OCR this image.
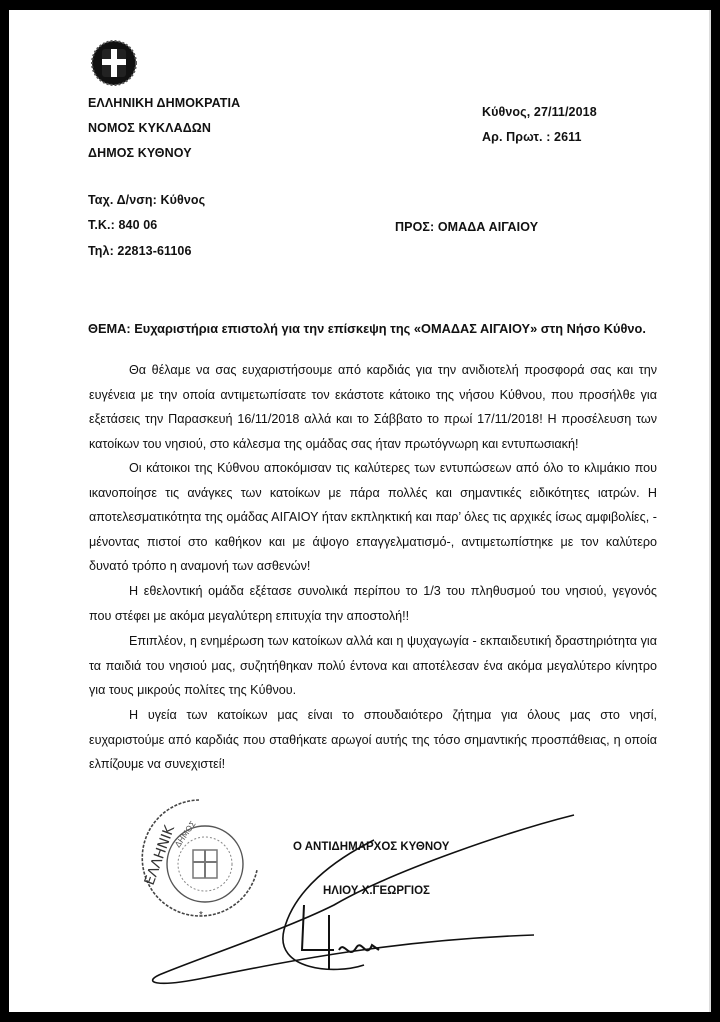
ΕΛΛΗΝΙΚΗ ΔΗΜΟΚΡΑΤΙΑ
ΝΟΜΟΣ ΚΥΚΛΑΔΩΝ
ΔΗΜΟΣ ΚΥΘΝΟΥ
Ταχ. Δ/νση: Κύθνος
Τ.Κ.: 840 06
Τηλ: 22813-61106
Κύθνος, 27/11/2018
Αρ. Πρωτ. : 2611
ΠΡΟΣ: ΟΜΑΔΑ ΑΙΓΑΙΟΥ
ΘΕΜΑ: Ευχαριστήρια επιστολή για την επίσκεψη της «ΟΜΑΔΑΣ ΑΙΓΑΙΟΥ» στη Νήσο Κύθνο.
Θα θέλαμε να σας ευχαριστήσουμε από καρδιάς για την ανιδιοτελή προσφορά σας και την
ευγένεια με την οποία αντιμετωπίσατε τον εκάστοτε κάτοικο της νήσου Κύθνου, που προσήλθε για
εξετάσεις την Παρασκευή 16/11/2018 αλλά και το Σάββατο το πρωί 17/11/2018! Η προσέλευση των
κατοίκων του νησιού, στο κάλεσμα της ομάδας σας ήταν πρωτόγνωρη και εντυπωσιακή!
Οι κάτοικοι της Κύθνου αποκόμισαν τις καλύτερες των εντυπώσεων από όλο το κλιμάκιο που
ικανοποίησε τις ανάγκες των κατοίκων με πάρα πολλές και σημαντικές ειδικότητες ιατρών. Η
αποτελεσματικότητα της ομάδας ΑΙΓΑΙΟΥ ήταν εκπληκτική και παρ’ όλες τις αρχικές ίσως αμφιβολίες, -
μένοντας πιστοί στο καθήκον και με άψογο επαγγελματισμό-, αντιμετωπίστηκε με τον καλύτερο
δυνατό τρόπο η αναμονή των ασθενών!
Η εθελοντική ομάδα εξέτασε συνολικά περίπου το 1/3 του πληθυσμού του νησιού, γεγονός
που στέφει με ακόμα μεγαλύτερη επιτυχία την αποστολή!!
Επιπλέον, η ενημέρωση των κατοίκων αλλά και η ψυχαγωγία - εκπαιδευτική δραστηριότητα για
τα παιδιά του νησιού μας, συζητήθηκαν πολύ έντονα και αποτέλεσαν ένα ακόμα μεγαλύτερο κίνητρο
για τους μικρούς πολίτες της Κύθνου.
Η υγεία των κατοίκων μας είναι το σπουδαιότερο ζήτημα για όλους μας στο νησί,
ευχαριστούμε από καρδιάς που σταθήκατε αρωγοί αυτής της τόσο σημαντικής προσπάθειας, η οποία
ελπίζουμε να συνεχιστεί!
ΕΛΛΗΝΙΚ
ΔΗΜΟΣ
*
Ο ΑΝΤΙΔΗΜΑΡΧΟΣ ΚΥΘΝΟΥ
ΗΛΙΟΥ Χ.ΓΕΩΡΓΙΟΣ
